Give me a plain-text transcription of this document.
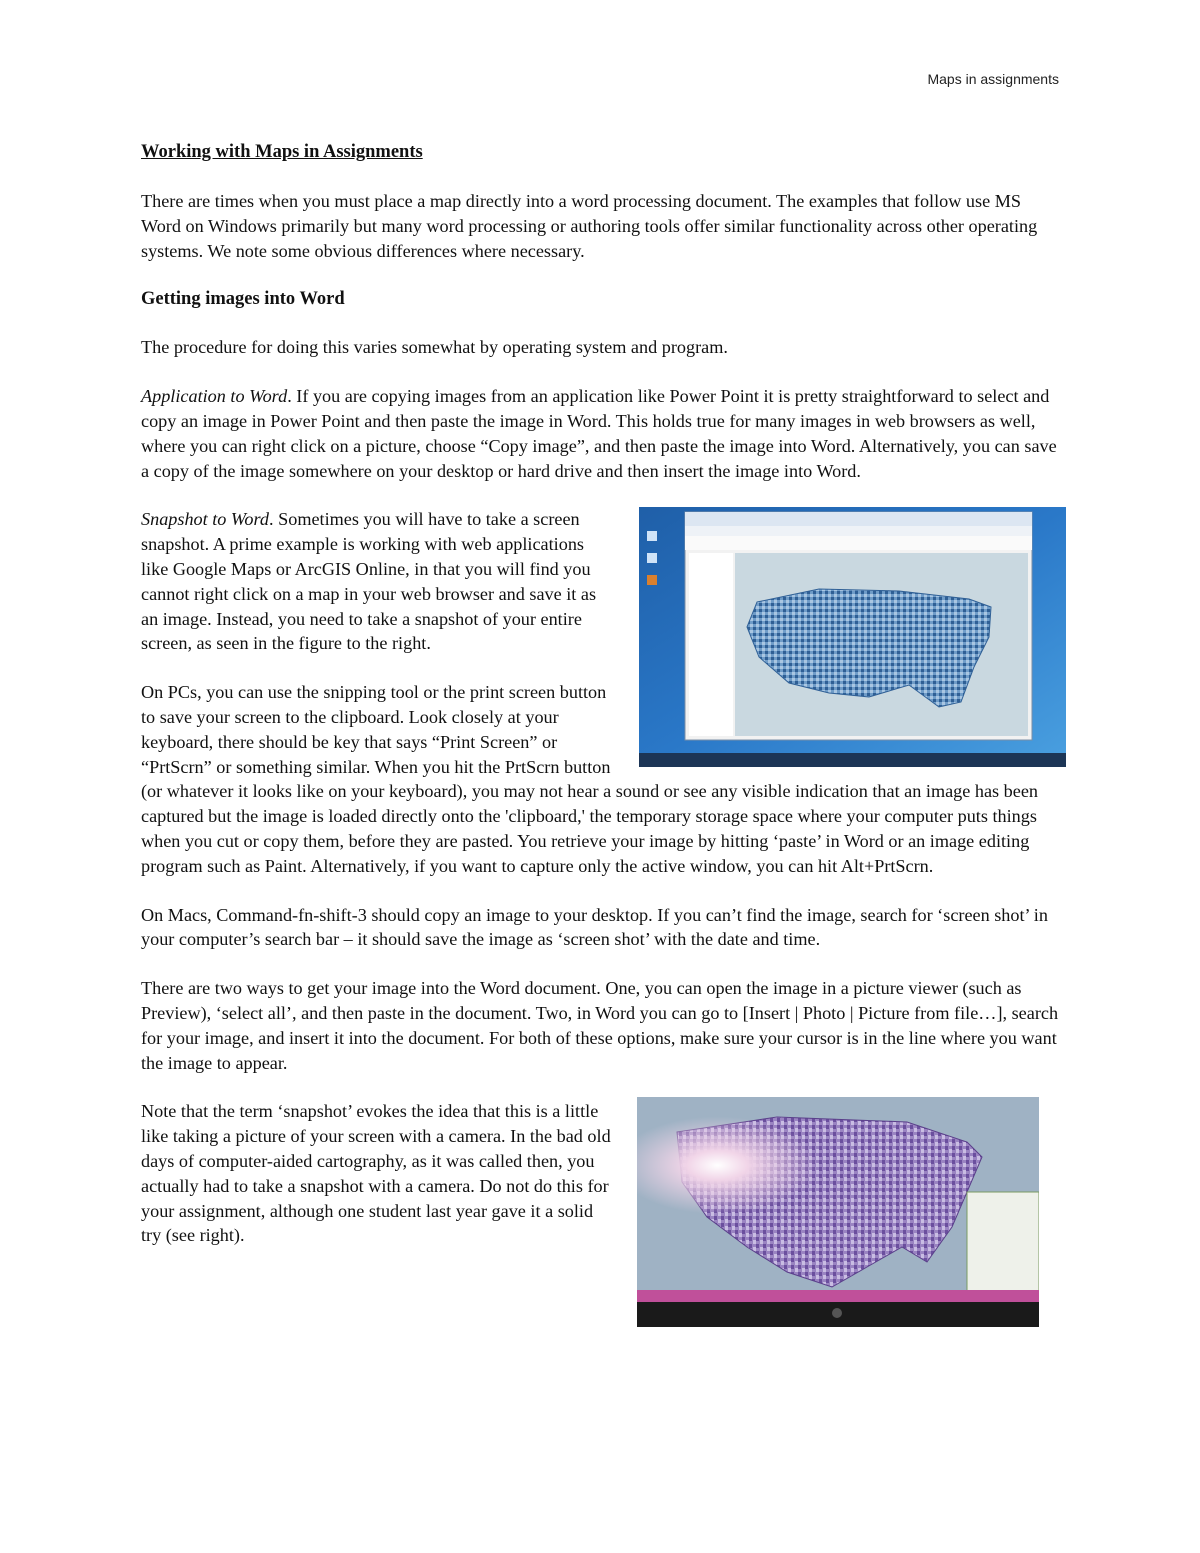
Maps in assignments

Working with Maps in Assignments

There are times when you must place a map directly into a word processing document. The examples that follow use MS Word on Windows primarily but many word processing or authoring tools offer similar functionality across other operating systems. We note some obvious differences where necessary.

Getting images into Word

The procedure for doing this varies somewhat by operating system and program.

Application to Word. If you are copying images from an application like Power Point it is pretty straightforward to select and copy an image in Power Point and then paste the image in Word. This holds true for many images in web browsers as well, where you can right click on a picture, choose “Copy image”, and then paste the image into Word. Alternatively, you can save a copy of the image somewhere on your desktop or hard drive and then insert the image into Word.

Snapshot to Word. Sometimes you will have to take a screen snapshot. A prime example is working with web applications like Google Maps or ArcGIS Online, in that you will find you cannot right click on a map in your web browser and save it as an image. Instead, you need to take a snapshot of your entire screen, as seen in the figure to the right.

On PCs, you can use the snipping tool or the print screen button to save your screen to the clipboard. Look closely at your keyboard, there should be key that says “Print Screen” or “PrtScrn” or something similar. When you hit the PrtScrn button (or whatever it looks like on your keyboard), you may not hear a sound or see any visible indication that an image has been captured but the image is loaded directly onto the 'clipboard,' the temporary storage space where your computer puts things when you cut or copy them, before they are pasted. You retrieve your image by hitting ‘paste’ in Word or an image editing program such as Paint. Alternatively, if you want to capture only the active window, you can hit Alt+PrtScrn.

On Macs, Command-fn-shift-3 should copy an image to your desktop. If you can’t find the image, search for ‘screen shot’ in your computer’s search bar – it should save the image as ‘screen shot’ with the date and time.

There are two ways to get your image into the Word document. One, you can open the image in a picture viewer (such as Preview), ‘select all’, and then paste in the document. Two, in Word you can go to [Insert | Photo | Picture from file…], search for your image, and insert it into the document. For both of these options, make sure your cursor is in the line where you want the image to appear.

Note that the term ‘snapshot’ evokes the idea that this is a little like taking a picture of your screen with a camera. In the bad old days of computer-aided cartography, as it was called then, you actually had to take a snapshot with a camera. Do not do this for your assignment, although one student last year gave it a solid try (see right).
